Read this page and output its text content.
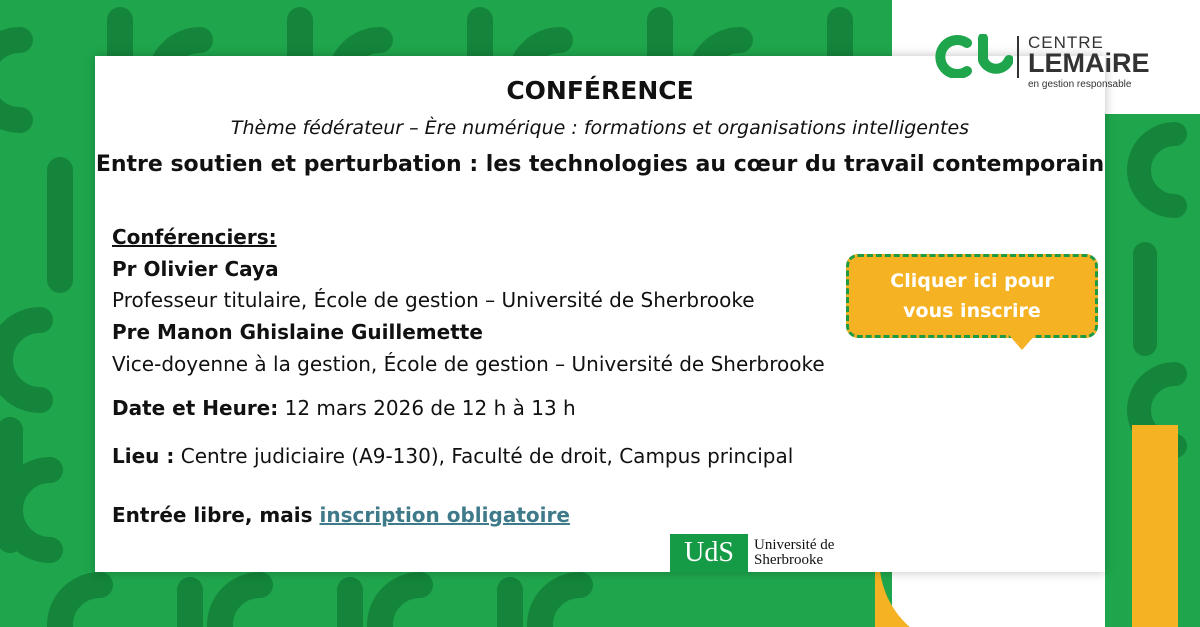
CONFÉRENCE
Thème fédérateur – Ère numérique : formations et organisations intelligentes
Entre soutien et perturbation : les technologies au cœur du travail contemporain
Conférenciers:
Pr Olivier Caya
Professeur titulaire, École de gestion – Université de Sherbrooke
Pre Manon Ghislaine Guillemette
Vice-doyenne à la gestion, École de gestion – Université de Sherbrooke
Date et Heure: 12 mars 2026 de 12 h à 13 h
Lieu : Centre judiciaire (A9-130), Faculté de droit, Campus principal
Entrée libre, mais inscription obligatoire
Cliquer ici pour vous inscrire
CENTRE
LEMAiRE
en gestion responsable
UdS	Université de
Sherbrooke
